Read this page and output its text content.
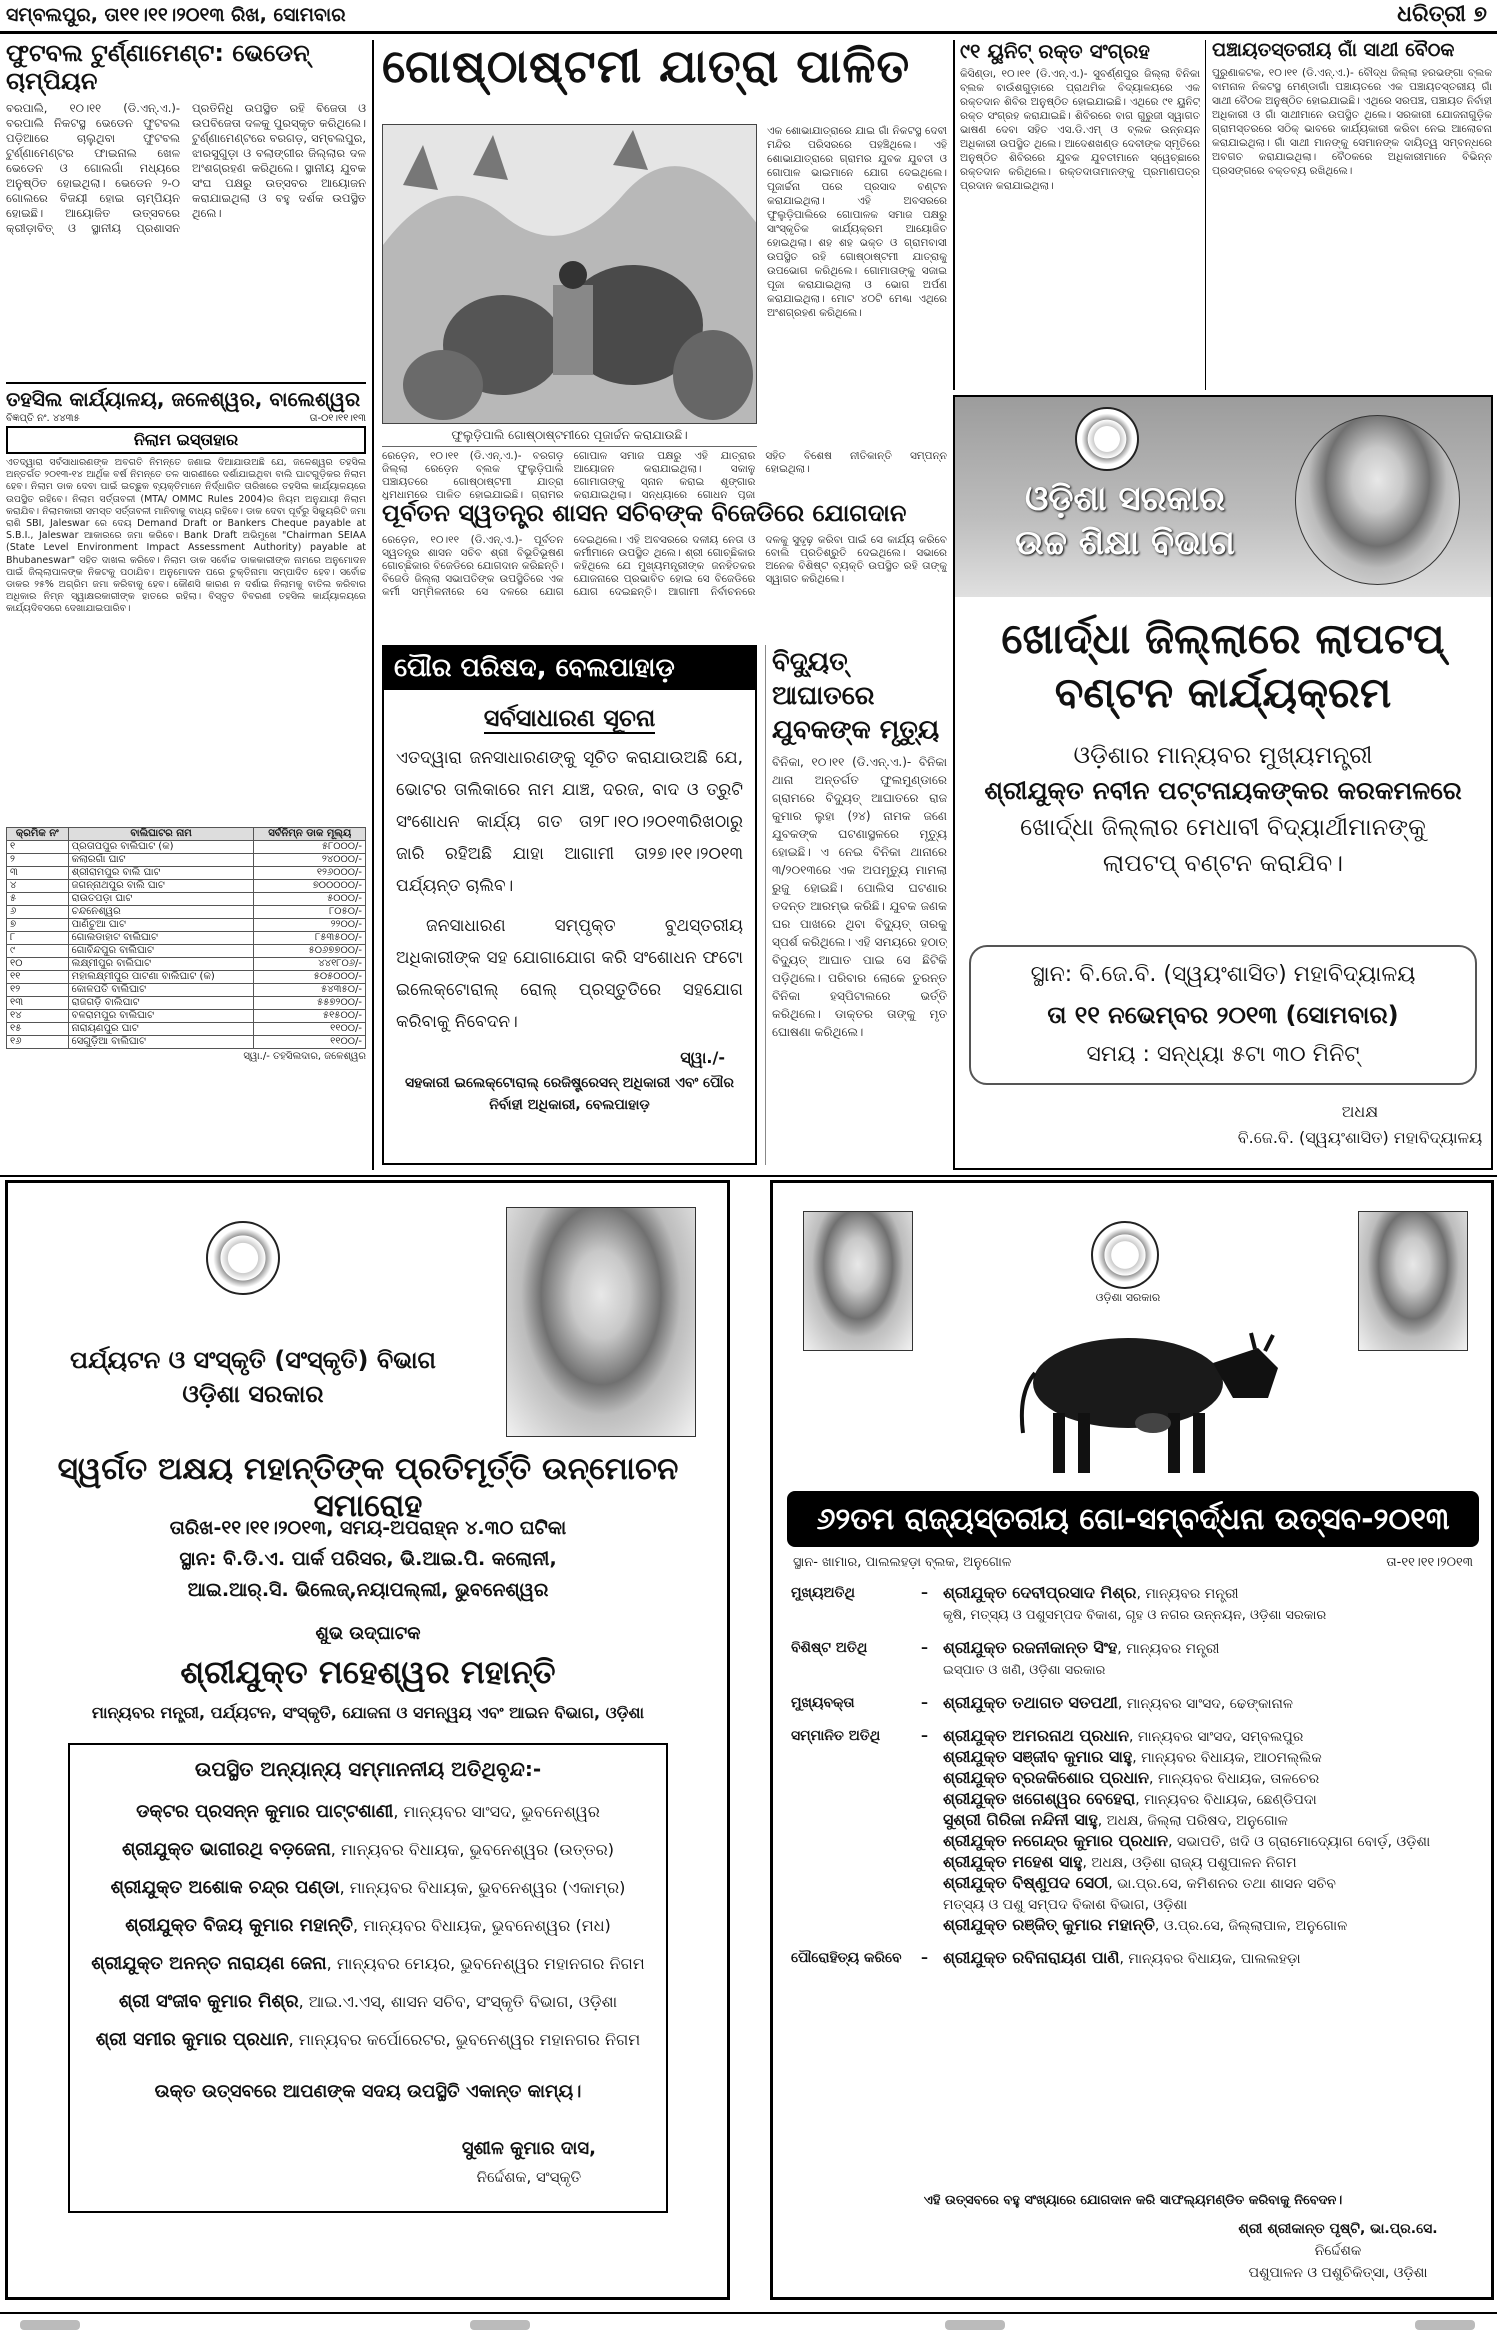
ସମ୍ବଲପୁର, ତା୧୧।୧୧।୨୦୧୩ ରିଖ, ସୋମବାର	ଧରିତ୍ରୀ ୭
ଫୁଟବଲ ଟୁର୍ଣ୍ଣାମେଣ୍ଟ: ଭେଡେନ୍ ଚାମ୍ପିୟନ
ବରପାଲି, ୧୦।୧୧ (ଡି.ଏନ୍.ଏ.)- ବରପାଲି ନିକଟସ୍ଥ ଭେଡେନ ଫୁଟବଲ ପଡ଼ିଆରେ ଚାଲୁଥିବା ଫୁଟବଲ ଟୁର୍ଣ୍ଣାମେଣ୍ଟର ଫାଇନାଲ ଖେଳ ଭେଡେନ ଓ ଗୋଲଗାଁ ମଧ୍ୟରେ ଅନୁଷ୍ଠିତ ହୋଇଥିଲା। ଭେଡେନ ୨-୦ ଗୋଲରେ ବିଜୟୀ ହୋଇ ଚାମ୍ପିୟନ ହୋଇଛି। ଆୟୋଜିତ ଉତ୍ସବରେ କ୍ରୀଡ଼ାବିତ୍ ଓ ସ୍ଥାନୀୟ ପ୍ରଶାସନ ପ୍ରତିନିଧି ଉପସ୍ଥିତ ରହି ବିଜେତା ଓ ଉପବିଜେତା ଦଳକୁ ପୁରସ୍କୃତ କରିଥିଲେ। ଟୁର୍ଣ୍ଣାମେଣ୍ଟରେ ବରଗଡ଼, ସମ୍ବଲପୁର, ଝାରସୁଗୁଡ଼ା ଓ ବଲାଙ୍ଗୀର ଜିଲ୍ଲାର ଦଳ ଅଂଶଗ୍ରହଣ କରିଥିଲେ। ସ୍ଥାନୀୟ ଯୁବକ ସଂଘ ପକ୍ଷରୁ ଉତ୍ସବର ଆୟୋଜନ କରାଯାଇଥିଲା ଓ ବହୁ ଦର୍ଶକ ଉପସ୍ଥିତ ଥିଲେ।
ତହସିଲ କାର୍ଯ୍ୟାଳୟ, ଜଳେଶ୍ୱର, ବାଲେଶ୍ୱର
ବିଜ୍ଞପ୍ତି ନଂ. ୪୪୩୫	ତା-୦୧।୧୧।୧୩
ନିଲାମ ଇସ୍ତାହାର
ଏତଦ୍ୱାରା ସର୍ବସାଧାରଣଙ୍କ ଅବଗତି ନିମନ୍ତେ ଜଣାଇ ଦିଆଯାଉଅଛି ଯେ, ଜଳେଶ୍ୱର ତହସିଲ ଅନ୍ତର୍ଗତ ୨୦୧୩-୧୪ ଆର୍ଥିକ ବର୍ଷ ନିମନ୍ତେ ତଳ ସାରଣୀରେ ଦର୍ଶାଯାଇଥିବା ବାଲି ଘାଟଗୁଡ଼ିକର ନିଲାମ ହେବ। ନିଲାମ ଡାକ ଦେବା ପାଇଁ ଇଚ୍ଛୁକ ବ୍ୟକ୍ତିମାନେ ନିର୍ଦ୍ଧାରିତ ତାରିଖରେ ତହସିଲ କାର୍ଯ୍ୟାଳୟରେ ଉପସ୍ଥିତ ରହିବେ। ନିଲାମ ସର୍ତ୍ତାବଳୀ (MTA/ OMMC Rules 2004)ର ନିୟମ ଅନୁଯାୟୀ ନିଲାମ କରାଯିବ। ନିଲାମକାରୀ ସମସ୍ତ ସର୍ତ୍ତାବଳୀ ମାନିବାକୁ ବାଧ୍ୟ ରହିବେ। ଡାକ ଦେବା ପୂର୍ବରୁ ସିକ୍ୟୁରିଟି ଜମା ରାଶି SBI, Jaleswar ରେ ଦେୟ Demand Draft or Bankers Cheque payable at S.B.I., Jaleswar ଆକାରରେ ଜମା କରିବେ। Bank Draft ଅଭିମୁଖେ "Chairman SEIAA (State Level Environment Impact Assessment Authority) payable at Bhubaneswar" ସହିତ ଦାଖଲ କରିବେ। ନିଲାମ ଡାକ ସର୍ବୋଚ୍ଚ ଡାକକାରୀଙ୍କ ନାମରେ ଅନୁମୋଦନ ପାଇଁ ଜିଲ୍ଲାପାଳଙ୍କ ନିକଟକୁ ପଠାଯିବ। ଅନୁମୋଦନ ପରେ ଚୁକ୍ତିନାମା ସମ୍ପାଦିତ ହେବ। ସର୍ବୋଚ୍ଚ ଡାକର ୨୫% ଅଗ୍ରିମ ଜମା କରିବାକୁ ହେବ। କୌଣସି କାରଣ ନ ଦର୍ଶାଇ ନିଲାମକୁ ବାତିଲ କରିବାର ଅଧିକାର ନିମ୍ନ ସ୍ୱାକ୍ଷରକାରୀଙ୍କ ହାତରେ ରହିଲା। ବିସ୍ତୃତ ବିବରଣୀ ତହସିଲ କାର୍ଯ୍ୟାଳୟରେ କାର୍ଯ୍ୟଦିବସରେ ଦେଖାଯାଇପାରିବ।
କ୍ରମିକ ନଂ	ବାଲିଘାଟର ନାମ	ସର୍ବନିମ୍ନ ଡାକ ମୂଲ୍ୟ
୧	ପ୍ରତାପପୁର ବାଲିଘାଟ (କ)	୫୮୦୦୦/-
୨	କଲାରଗାଁ ଘାଟ	୨୪୦୦୦/-
୩	ଶ୍ରୀରାମପୁର ବାଲି ଘାଟ	୧୨୬୦୦୦/-
୪	ଜଗନ୍ନାଥପୁର ବାଲି ଘାଟ	୭୦୦୦୦୦/-
୫	ରାଉତପଡ଼ା ଘାଟ	୫୦୦୦/-
୬	ଚନ୍ଦନେଶ୍ୱର	୮୦୫୦/-
୭	ପାଣିଚୁଆ ଘାଟ	୨୨୦୦/-
୮	ଗୋଲଡାହାଟ ବାଲିଘାଟ	୮୫୩୫୦୦/-
୯	ଗୋବିନ୍ଦପୁର ବାଲିଘାଟ	୫୦୬୭୭୦୦/-
୧୦	ଲକ୍ଷ୍ମୀପୁର ବାଲିଘାଟ	୪୪୧୮୦୬/-
୧୧	ମହାଲକ୍ଷ୍ମୀପୁର ପାଟଣା ବାଲିଘାଟ (କ)	୫୦୫୦୦୦/-
୧୨	କୋଳପତି ବାଲିଘାଟ	୫୪୩୫୦/-
୧୩	ରାଜଗଡ଼ି ବାଲିଘାଟ	୫୫୭୨୦୦/-
୧୪	ବଳରାମପୁର ବାଲିଘାଟ	୫୧୫୦୦/-
୧୫	ନାରାୟଣପୁର ଘାଟ	୧୧୦୦/-
୧୬	ସେଗୁଡ଼ିଆ ବାଲିଘାଟ	୧୧୦୦/-
ସ୍ୱା./- ତହସିଲଦାର, ଜଳେଶ୍ୱର
ଗୋଷ୍ଠାଷ୍ଟମୀ ଯାତ୍ରା ପାଳିତ
ଏକ ଶୋଭାଯାତ୍ରାରେ ଯାଇ ଗାଁ ନିକଟସ୍ଥ ଦେବୀ ମନ୍ଦିର ପରିସରରେ ପହଞ୍ଚିଥିଲେ। ଏହି ଶୋଭାଯାତ୍ରାରେ ଗ୍ରାମର ଯୁବକ ଯୁବତୀ ଓ ଗୋପାଳ ଭାଇମାନେ ଯୋଗ ଦେଇଥିଲେ। ପୂଜାର୍ଚ୍ଚନା ପରେ ପ୍ରସାଦ ବଣ୍ଟନ କରାଯାଇଥିଲା। ଏହି ଅବସରରେ ଫୁଲୁଡ଼ିପାଲିରେ ଗୋପାଳକ ସମାଜ ପକ୍ଷରୁ ସାଂସ୍କୃତିକ କାର୍ଯ୍ୟକ୍ରମ ଆୟୋଜିତ ହୋଇଥିଲା। ଶହ ଶହ ଭକ୍ତ ଓ ଗ୍ରାମବାସୀ ଉପସ୍ଥିତ ରହି ଗୋଷ୍ଠାଷ୍ଟମୀ ଯାତ୍ରାକୁ ଉପଭୋଗ କରିଥିଲେ। ଗୋମାତାଙ୍କୁ ସଜାଇ ପୂଜା କରାଯାଇଥିଲା ଓ ଭୋଗ ଅର୍ପଣ କରାଯାଇଥିଲା। ମୋଟ ୪୦ଟି ମେଣ୍ଢା ଏଥିରେ ଅଂଶଗ୍ରହଣ କରିଥିଲେ।
ଫୁଲୁଡ଼ିପାଲି ଗୋଷ୍ଠାଷ୍ଟମୀରେ ପୂଜାର୍ଚ୍ଚନ କରାଯାଉଛି।
ରେଡ଼େନ, ୧୦।୧୧ (ଡି.ଏନ୍.ଏ.)- ବରଗଡ଼ ଜିଲ୍ଲା ରେଡ଼େନ ବ୍ଲକ ଫୁଲୁଡ଼ିପାଲି ପଞ୍ଚାୟତରେ ଗୋଷ୍ଠାଷ୍ଟମୀ ଯାତ୍ରା ଧୁମଧାମରେ ପାଳିତ ହୋଇଯାଇଛି। ଗ୍ରାମର ଗୋପାଳ ସମାଜ ପକ୍ଷରୁ ଏହି ଯାତ୍ରାର ଆୟୋଜନ କରାଯାଇଥିଲା। ସକାଳୁ ଗୋମାତାଙ୍କୁ ସ୍ନାନ କରାଇ ଶୃଙ୍ଗାର କରାଯାଇଥିଲା। ସନ୍ଧ୍ୟାରେ ଗୋଧନ ପୂଜା ସହିତ ବିଶେଷ ନୀତିକାନ୍ତି ସମ୍ପନ୍ନ ହୋଇଥିଲା।
ପୂର୍ବତନ ସ୍ୱତନ୍ତ୍ର ଶାସନ ସଚିବଙ୍କ ବିଜେଡିରେ ଯୋଗଦାନ
ରେଡ଼େନ, ୧୦।୧୧ (ଡି.ଏନ୍.ଏ.)- ପୂର୍ବତନ ସ୍ୱତନ୍ତ୍ର ଶାସନ ସଚିବ ଶ୍ରୀ ବିଭୂତିଭୂଷଣ ଗୋଚ୍ଛିକାର ବିଜେଡିରେ ଯୋଗଦାନ କରିଛନ୍ତି। ବିଜେଡି ଜିଲ୍ଲା ସଭାପତିଙ୍କ ଉପସ୍ଥିତିରେ ଏକ କର୍ମୀ ସମ୍ମିଳନୀରେ ସେ ଦଳରେ ଯୋଗ ଦେଇଥିଲେ। ଏହି ଅବସରରେ ଦଳୀୟ ନେତା ଓ କର୍ମୀମାନେ ଉପସ୍ଥିତ ଥିଲେ। ଶ୍ରୀ ଗୋଚ୍ଛିକାର କହିଥିଲେ ଯେ ମୁଖ୍ୟମନ୍ତ୍ରୀଙ୍କ ଜନହିତକର ଯୋଜନାରେ ପ୍ରଭାବିତ ହୋଇ ସେ ବିଜେଡିରେ ଯୋଗ ଦେଇଛନ୍ତି। ଆଗାମୀ ନିର୍ବାଚନରେ ଦଳକୁ ସୁଦୃଢ଼ କରିବା ପାଇଁ ସେ କାର୍ଯ୍ୟ କରିବେ ବୋଲି ପ୍ରତିଶ୍ରୁତି ଦେଇଥିଲେ। ସଭାରେ ଅନେକ ବିଶିଷ୍ଟ ବ୍ୟକ୍ତି ଉପସ୍ଥିତ ରହି ତାଙ୍କୁ ସ୍ୱାଗତ କରିଥିଲେ।
ପୌର ପରିଷଦ, ବେଲପାହାଡ଼
ସର୍ବସାଧାରଣ ସୂଚନା
ଏତଦ୍ୱାରା ଜନସାଧାରଣଙ୍କୁ ସୂଚିତ କରାଯାଉଅଛି ଯେ, ଭୋଟର ତାଲିକାରେ ନାମ ଯାଞ୍ଚ, ଦରଜ, ବାଦ ଓ ତ୍ରୁଟି ସଂଶୋଧନ କାର୍ଯ୍ୟ ଗତ ତା୨୮।୧୦।୨୦୧୩ରିଖଠାରୁ ଜାରି ରହିଅଛି ଯାହା ଆଗାମୀ ତା୨୭।୧୧।୨୦୧୩ ପର୍ଯ୍ୟନ୍ତ ଚାଲିବ।
ଜନସାଧାରଣ ସମ୍ପୃକ୍ତ ବୁଥସ୍ତରୀୟ ଅଧିକାରୀଙ୍କ ସହ ଯୋଗାଯୋଗ କରି ସଂଶୋଧନ ଫଟୋ ଇଲେକ୍ଟୋରାଲ୍ ରୋଲ୍ ପ୍ରସ୍ତୁତିରେ ସହଯୋଗ କରିବାକୁ ନିବେଦନ।
ସ୍ୱା./-
ସହକାରୀ ଇଲେକ୍ଟୋରାଲ୍ ରେଜିଷ୍ଟ୍ରେସନ୍ ଅଧିକାରୀ ଏବଂ ପୌର ନିର୍ବାହୀ ଅଧିକାରୀ, ବେଲପାହାଡ଼
ବିଦ୍ୟୁତ୍ ଆଘାତରେ ଯୁବକଙ୍କ ମୃତ୍ୟୁ
ବିନିକା, ୧୦।୧୧ (ଡି.ଏନ୍.ଏ.)- ବିନିକା ଥାନା ଅନ୍ତର୍ଗତ ଫୁଲମୁଣ୍ଡାରେ ଗ୍ରାମରେ ବିଦ୍ୟୁତ୍ ଆଘାତରେ ରାଜ କୁମାର ଲୁହା (୨୪) ନାମକ ଜଣେ ଯୁବକଙ୍କ ଘଟଣାସ୍ଥଳରେ ମୃତ୍ୟୁ ହୋଇଛି। ଏ ନେଇ ବିନିକା ଥାନାରେ ୩/୨୦୧୩ରେ ଏକ ଅପମୃତ୍ୟୁ ମାମଲା ରୁଜୁ ହୋଇଛି। ପୋଲିସ ଘଟଣାର ତଦନ୍ତ ଆରମ୍ଭ କରିଛି। ଯୁବକ ଜଣକ ଘର ପାଖରେ ଥିବା ବିଦ୍ୟୁତ୍ ତାରକୁ ସ୍ପର୍ଶ କରିଥିଲେ। ଏହି ସମୟରେ ହଠାତ୍ ବିଦ୍ୟୁତ୍ ଆଘାତ ପାଇ ସେ ଛିଟିକି ପଡ଼ିଥିଲେ। ପରିବାର ଲୋକେ ତୁରନ୍ତ ବିନିକା ହସ୍ପିଟାଲରେ ଭର୍ତ୍ତି କରିଥିଲେ। ଡାକ୍ତର ତାଙ୍କୁ ମୃତ ଘୋଷଣା କରିଥିଲେ।
୯୧ ୟୁନିଟ୍ ରକ୍ତ ସଂଗ୍ରହ
କିସିଣ୍ଡା, ୧୦।୧୧ (ଡି.ଏନ୍.ଏ.)- ସୁବର୍ଣ୍ଣପୁର ଜିଲ୍ଲା ବିନିକା ବ୍ଲକ ବାଉଁଶଗୁଡ଼ାରେ ପ୍ରାଥମିକ ବିଦ୍ୟାଳୟରେ ଏକ ରକ୍ତଦାନ ଶିବିର ଅନୁଷ୍ଠିତ ହୋଇଯାଇଛି। ଏଥିରେ ୯୧ ୟୁନିଟ୍ ରକ୍ତ ସଂଗ୍ରହ କରାଯାଇଛି। ଶିବିରରେ ବାଗ ଗୁରୁଜୀ ସ୍ୱାଗତ ଭାଷଣ ଦେବା ସହିତ ଏସ.ଡି.ଏମ୍ ଓ ବ୍ଲକ ଉନ୍ନୟନ ଅଧିକାରୀ ଉପସ୍ଥିତ ଥିଲେ। ଆଦେଶଖଣ୍ଡ ଦେବୀଙ୍କ ସ୍ମୃତିରେ ଅନୁଷ୍ଠିତ ଶିବିରରେ ଯୁବକ ଯୁବତୀମାନେ ସ୍ୱେଚ୍ଛାରେ ରକ୍ତଦାନ କରିଥିଲେ। ରକ୍ତଦାତାମାନଙ୍କୁ ପ୍ରମାଣପତ୍ର ପ୍ରଦାନ କରାଯାଇଥିଲା।
ପଞ୍ଚାୟତସ୍ତରୀୟ ଗାଁ ସାଥୀ ବୈଠକ
ପୁରୁଣାକଟକ, ୧୦।୧୧ (ଡି.ଏନ୍.ଏ.)- ବୌଦ୍ଧ ଜିଲ୍ଲା ହରଭଙ୍ଗା ବ୍ଲକ ବାମନାଳ ନିକଟସ୍ଥ ମେଣ୍ଡାଗାଁ ପଞ୍ଚାୟତରେ ଏକ ପଞ୍ଚାୟତସ୍ତରୀୟ ଗାଁ ସାଥୀ ବୈଠକ ଅନୁଷ୍ଠିତ ହୋଇଯାଇଛି। ଏଥିରେ ସରପଞ୍ଚ, ପଞ୍ଚାୟତ ନିର୍ବାହୀ ଅଧିକାରୀ ଓ ଗାଁ ସାଥୀମାନେ ଉପସ୍ଥିତ ଥିଲେ। ସରକାରୀ ଯୋଜନାଗୁଡ଼ିକ ଗ୍ରାମସ୍ତରରେ ସଠିକ୍ ଭାବରେ କାର୍ଯ୍ୟକାରୀ କରିବା ନେଇ ଆଲୋଚନା କରାଯାଇଥିଲା। ଗାଁ ସାଥୀ ମାନଙ୍କୁ ସେମାନଙ୍କ ଦାୟିତ୍ୱ ସମ୍ବନ୍ଧରେ ଅବଗତ କରାଯାଇଥିଲା। ବୈଠକରେ ଅଧିକାରୀମାନେ ବିଭିନ୍ନ ପ୍ରସଙ୍ଗରେ ବକ୍ତବ୍ୟ ରଖିଥିଲେ।
ଓଡ଼ିଶା ସରକାର
ଉଚ୍ଚ ଶିକ୍ଷା ବିଭାଗ
ଖୋର୍ଦ୍ଧା ଜିଲ୍ଲାରେ ଲାପଟପ୍
ବଣ୍ଟନ କାର୍ଯ୍ୟକ୍ରମ
ଓଡ଼ିଶାର ମାନ୍ୟବର ମୁଖ୍ୟମନ୍ତ୍ରୀ
ଶ୍ରୀଯୁକ୍ତ ନବୀନ ପଟ୍ଟନାୟକଙ୍କର କରକମଳରେ
ଖୋର୍ଦ୍ଧା ଜିଲ୍ଲାର ମେଧାବୀ ବିଦ୍ୟାର୍ଥୀମାନଙ୍କୁ
ଲାପଟପ୍ ବଣ୍ଟନ କରାଯିବ।
ସ୍ଥାନ: ବି.ଜେ.ବି. (ସ୍ୱୟଂଶାସିତ) ମହାବିଦ୍ୟାଳୟ
ତା ୧୧ ନଭେମ୍ବର ୨୦୧୩ (ସୋମବାର)
ସମୟ : ସନ୍ଧ୍ୟା ୫ଟା ୩୦ ମିନିଟ୍
ଅଧକ୍ଷ
ବି.ଜେ.ବି. (ସ୍ୱୟଂଶାସିତ) ମହାବିଦ୍ୟାଳୟ
ପର୍ଯ୍ୟଟନ ଓ ସଂସ୍କୃତି (ସଂସ୍କୃତି) ବିଭାଗ
ଓଡ଼ିଶା ସରକାର
ସ୍ୱର୍ଗତ ଅକ୍ଷୟ ମହାନ୍ତିଙ୍କ ପ୍ରତିମୂର୍ତ୍ତି ଉନ୍ମୋଚନ ସମାରୋହ
ତାରିଖ-୧୧।୧୧।୨୦୧୩, ସମୟ-ଅପରାହ୍ନ ୪.୩୦ ଘଟିକା
ସ୍ଥାନ: ବି.ଡି.ଏ. ପାର୍କ ପରିସର, ଭି.ଆଇ.ପି. କଲୋନୀ,
ଆଇ.ଆର୍.ସି. ଭିଲେଜ୍,ନୟାପଲ୍ଲୀ, ଭୁବନେଶ୍ୱର
ଶୁଭ ଉଦ୍‌ଘାଟକ
ଶ୍ରୀଯୁକ୍ତ ମହେଶ୍ୱର ମହାନ୍ତି
ମାନ୍ୟବର ମନ୍ତ୍ରୀ, ପର୍ଯ୍ୟଟନ, ସଂସ୍କୃତି, ଯୋଜନା ଓ ସମନ୍ୱୟ ଏବଂ ଆଇନ ବିଭାଗ, ଓଡ଼ିଶା
ଉପସ୍ଥିତ ଅନ୍ୟାନ୍ୟ ସମ୍ମାନନୀୟ ଅତିଥିବୃନ୍ଦ:-
ଡକ୍ଟର ପ୍ରସନ୍ନ କୁମାର ପାଟ୍ଟଶାଣୀ, ମାନ୍ୟବର ସାଂସଦ, ଭୁବନେଶ୍ୱର
ଶ୍ରୀଯୁକ୍ତ ଭାଗୀରଥି ବଡ଼ଜେନା, ମାନ୍ୟବର ବିଧାୟକ, ଭୁବନେଶ୍ୱର (ଉତ୍ତର)
ଶ୍ରୀଯୁକ୍ତ ଅଶୋକ ଚନ୍ଦ୍ର ପଣ୍ଡା, ମାନ୍ୟବର ବିଧାୟକ, ଭୁବନେଶ୍ୱର (ଏକାମ୍ର)
ଶ୍ରୀଯୁକ୍ତ ବିଜୟ କୁମାର ମହାନ୍ତି, ମାନ୍ୟବର ବିଧାୟକ, ଭୁବନେଶ୍ୱର (ମଧ)
ଶ୍ରୀଯୁକ୍ତ ଅନନ୍ତ ନାରାୟଣ ଜେନା, ମାନ୍ୟବର ମେୟର, ଭୁବନେଶ୍ୱର ମହାନଗର ନିଗମ
ଶ୍ରୀ ସଂଜୀବ କୁମାର ମିଶ୍ର, ଆଇ.ଏ.ଏସ୍, ଶାସନ ସଚିବ, ସଂସ୍କୃତି ବିଭାଗ, ଓଡ଼ିଶା
ଶ୍ରୀ ସମୀର କୁମାର ପ୍ରଧାନ, ମାନ୍ୟବର କର୍ପୋରେଟର, ଭୁବନେଶ୍ୱର ମହାନଗର ନିଗମ
ଉକ୍ତ ଉତ୍ସବରେ ଆପଣଙ୍କ ସଦୟ ଉପସ୍ଥିତି ଏକାନ୍ତ କାମ୍ୟ।
ସୁଶୀଳ କୁମାର ଦାସ,
ନିର୍ଦ୍ଦେଶକ, ସଂସ୍କୃତି
ଓଡ଼ିଶା ସରକାର
୬୨ତମ ରାଜ୍ୟସ୍ତରୀୟ ଗୋ-ସମ୍ବର୍ଦ୍ଧନା ଉତ୍ସବ-୨୦୧୩
ସ୍ଥାନ- ଖାମାର, ପାଲଲହଡ଼ା ବ୍ଲକ, ଅନୁଗୋଳ	ତା-୧୧।୧୧।୨୦୧୩
ମୁଖ୍ୟଅତିଥି	– ଶ୍ରୀଯୁକ୍ତ ଦେବୀପ୍ରସାଦ ମିଶ୍ର, ମାନ୍ୟବର ମନ୍ତ୍ରୀ
କୃଷି, ମତ୍ସ୍ୟ ଓ ପଶୁସମ୍ପଦ ବିକାଶ, ଗୃହ ଓ ନଗର ଉନ୍ନୟନ, ଓଡ଼ିଶା ସରକାର
ବିଶିଷ୍ଟ ଅତିଥି	– ଶ୍ରୀଯୁକ୍ତ ରଜନୀକାନ୍ତ ସିଂହ, ମାନ୍ୟବର ମନ୍ତ୍ରୀ
ଇସ୍ପାତ ଓ ଖଣି, ଓଡ଼ିଶା ସରକାର
ମୁଖ୍ୟବକ୍ତା	– ଶ୍ରୀଯୁକ୍ତ ତଥାଗତ ସତପଥୀ, ମାନ୍ୟବର ସାଂସଦ, ଢେଙ୍କାନାଳ
ସମ୍ମାନିତ ଅତିଥି	– ଶ୍ରୀଯୁକ୍ତ ଅମରନାଥ ପ୍ରଧାନ, ମାନ୍ୟବର ସାଂସଦ, ସମ୍ବଲପୁର
ଶ୍ରୀଯୁକ୍ତ ସଞ୍ଜୀବ କୁମାର ସାହୁ, ମାନ୍ୟବର ବିଧାୟକ, ଆଠମଲ୍ଲିକ
ଶ୍ରୀଯୁକ୍ତ ବ୍ରଜକିଶୋର ପ୍ରଧାନ, ମାନ୍ୟବର ବିଧାୟକ, ତାଳଚେର
ଶ୍ରୀଯୁକ୍ତ ଖଗେଶ୍ୱର ବେହେରା, ମାନ୍ୟବର ବିଧାୟକ, ଛେଣ୍ଡିପଦା
ସୁଶ୍ରୀ ଗିରିଜା ନନ୍ଦିନୀ ସାହୁ, ଅଧକ୍ଷ, ଜିଲ୍ଲା ପରିଷଦ, ଅନୁଗୋଳ
ଶ୍ରୀଯୁକ୍ତ ନଗେନ୍ଦ୍ର କୁମାର ପ୍ରଧାନ, ସଭାପତି, ଖଦି ଓ ଗ୍ରାମୋଦ୍ୟୋଗ ବୋର୍ଡ଼, ଓଡ଼ିଶା
ଶ୍ରୀଯୁକ୍ତ ମହେଶ ସାହୁ, ଅଧକ୍ଷ, ଓଡ଼ିଶା ରାଜ୍ୟ ପଶୁପାଳନ ନିଗମ
ଶ୍ରୀଯୁକ୍ତ ବିଷ୍ଣୁପଦ ସେଠୀ, ଭା.ପ୍ର.ସେ, କମିଶନର ତଥା ଶାସନ ସଚିବ
ମତ୍ସ୍ୟ ଓ ପଶୁ ସମ୍ପଦ ବିକାଶ ବିଭାଗ, ଓଡ଼ିଶା
ଶ୍ରୀଯୁକ୍ତ ରଞ୍ଜିତ୍ କୁମାର ମହାନ୍ତି, ଓ.ପ୍ର.ସେ, ଜିଲ୍ଲାପାଳ, ଅନୁଗୋଳ
ପୌରୋହିତ୍ୟ କରିବେ	– ଶ୍ରୀଯୁକ୍ତ ରବିନାରାୟଣ ପାଣି, ମାନ୍ୟବର ବିଧାୟକ, ପାଲଲହଡ଼ା
ଏହି ଉତ୍ସବରେ ବହୁ ସଂଖ୍ୟାରେ ଯୋଗଦାନ କରି ସାଫଲ୍ୟମଣ୍ଡିତ କରିବାକୁ ନିବେଦନ।
ଶ୍ରୀ ଶ୍ରୀକାନ୍ତ ପୃଷ୍ଟି, ଭା.ପ୍ର.ସେ.
ନିର୍ଦ୍ଦେଶକ
ପଶୁପାଳନ ଓ ପଶୁଚିକିତ୍ସା, ଓଡ଼ିଶା
